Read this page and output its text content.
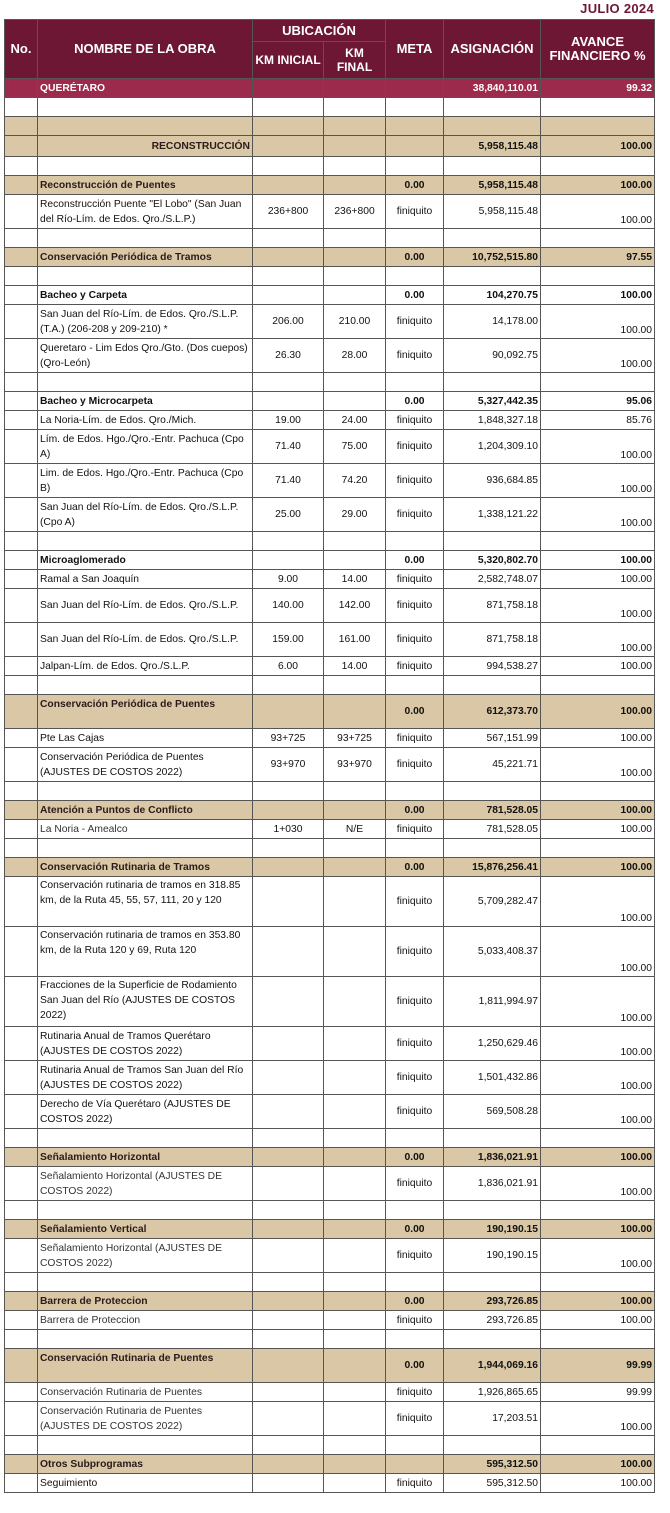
JULIO 2024
No.	NOMBRE DE LA OBRA	UBICACIÓN		META	ASIGNACIÓN	AVANCE FINANCIERO %
		KM INICIAL	KM FINAL			
	QUERÉTARO				38,840,110.01	99.32

	RECONSTRUCCIÓN				5,958,115.48	100.00

	Reconstrucción de Puentes			0.00	5,958,115.48	100.00
	Reconstrucción Puente "El Lobo" (San Juan del Río-Lím. de Edos. Qro./S.L.P.)	236+800	236+800	finiquito	5,958,115.48	100.00

	Conservación Periódica de Tramos			0.00	10,752,515.80	97.55

	Bacheo y Carpeta			0.00	104,270.75	100.00
	San Juan del Río-Lím. de Edos. Qro./S.L.P. (T.A.) (206-208 y 209-210) *	206.00	210.00	finiquito	14,178.00	100.00
	Queretaro - Lim Edos Qro./Gto. (Dos cuepos) (Qro-León)	26.30	28.00	finiquito	90,092.75	100.00

	Bacheo y Microcarpeta			0.00	5,327,442.35	95.06
	La Noria-Lím. de Edos. Qro./Mich.	19.00	24.00	finiquito	1,848,327.18	85.76
	Lím. de Edos. Hgo./Qro.-Entr. Pachuca (Cpo A)	71.40	75.00	finiquito	1,204,309.10	100.00
	Lim. de Edos. Hgo./Qro.-Entr. Pachuca (Cpo B)	71.40	74.20	finiquito	936,684.85	100.00
	San Juan del Río-Lím. de Edos. Qro./S.L.P. (Cpo A)	25.00	29.00	finiquito	1,338,121.22	100.00

	Microaglomerado			0.00	5,320,802.70	100.00
	Ramal a San Joaquín	9.00	14.00	finiquito	2,582,748.07	100.00
	San Juan del Río-Lím. de Edos. Qro./S.L.P.	140.00	142.00	finiquito	871,758.18	100.00
	San Juan del Río-Lím. de Edos. Qro./S.L.P.	159.00	161.00	finiquito	871,758.18	100.00
	Jalpan-Lím. de Edos. Qro./S.L.P.	6.00	14.00	finiquito	994,538.27	100.00

	Conservación Periódica de Puentes			0.00	612,373.70	100.00
	Pte Las Cajas	93+725	93+725	finiquito	567,151.99	100.00
	Conservación Periódica de Puentes (AJUSTES DE COSTOS 2022)	93+970	93+970	finiquito	45,221.71	100.00

	Atención a Puntos de Conflicto			0.00	781,528.05	100.00
	La Noria - Amealco	1+030	N/E	finiquito	781,528.05	100.00

	Conservación Rutinaria de Tramos			0.00	15,876,256.41	100.00
	Conservación rutinaria de tramos en 318.85 km, de la Ruta 45, 55, 57, 111, 20 y 120			finiquito	5,709,282.47	100.00
	Conservación rutinaria de tramos en 353.80 km, de la Ruta 120 y 69, Ruta 120			finiquito	5,033,408.37	100.00
	Fracciones de la Superficie de Rodamiento San Juan del Río (AJUSTES DE COSTOS 2022)			finiquito	1,811,994.97	100.00
	Rutinaria Anual de Tramos Querétaro (AJUSTES DE COSTOS 2022)			finiquito	1,250,629.46	100.00
	Rutinaria Anual de Tramos San Juan del Río (AJUSTES DE COSTOS 2022)			finiquito	1,501,432.86	100.00
	Derecho de Vía Querétaro (AJUSTES DE COSTOS 2022)			finiquito	569,508.28	100.00

	Señalamiento Horizontal			0.00	1,836,021.91	100.00
	Señalamiento Horizontal (AJUSTES DE COSTOS 2022)			finiquito	1,836,021.91	100.00

	Señalamiento Vertical			0.00	190,190.15	100.00
	Señalamiento Horizontal (AJUSTES DE COSTOS 2022)			finiquito	190,190.15	100.00

	Barrera de Proteccion			0.00	293,726.85	100.00
	Barrera de Proteccion			finiquito	293,726.85	100.00

	Conservación Rutinaria de Puentes			0.00	1,944,069.16	99.99
	Conservación Rutinaria de Puentes			finiquito	1,926,865.65	99.99
	Conservación Rutinaria de Puentes (AJUSTES DE COSTOS 2022)			finiquito	17,203.51	100.00

	Otros Subprogramas				595,312.50	100.00
	Seguimiento			finiquito	595,312.50	100.00
